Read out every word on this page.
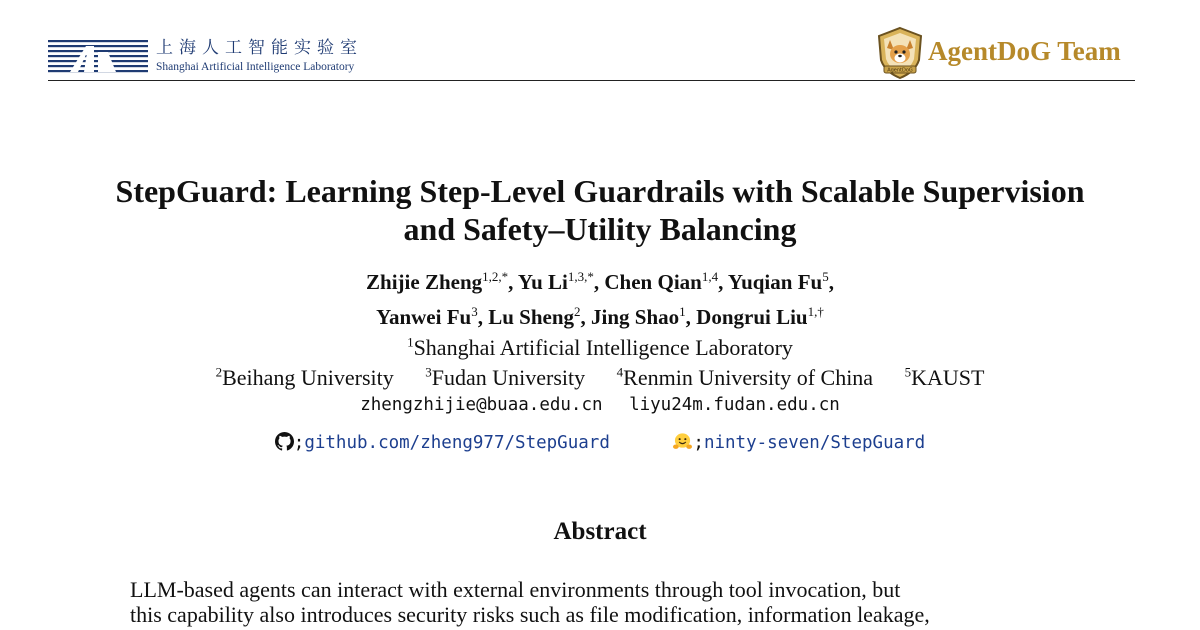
上海人工智能实验室
Shanghai Artificial Intelligence Laboratory	AgentDoG
AgentDoG Team
StepGuard: Learning Step-Level Guardrails with Scalable Supervision
and Safety–Utility Balancing
Zhijie Zheng$^{1,2,*}$, Yu $Li^{1,3,*}$, Chen Qian$^{1,4}$, Yuqian Fu$^5$,
Yanwei Fu$^3$, Lu Sheng$^2$, Jing Shao$^1$, Dongrui Liu$^{1,\dagger}$
$^1$Shanghai Artificial Intelligence Laboratory
$^2$Beihang University $^3$Fudan University $^4$Renmin University of China $^5$KAUST
zhengzhijie@buaa.edu.cn liyu24m.fudan.edu.cn
;github.com/zheng977/StepGuard	;ninty-seven/StepGuard
Abstract
LLM-based agents can interact with external environments through tool invocation, but
this capability also introduces security risks such as file modification, information leakage,
